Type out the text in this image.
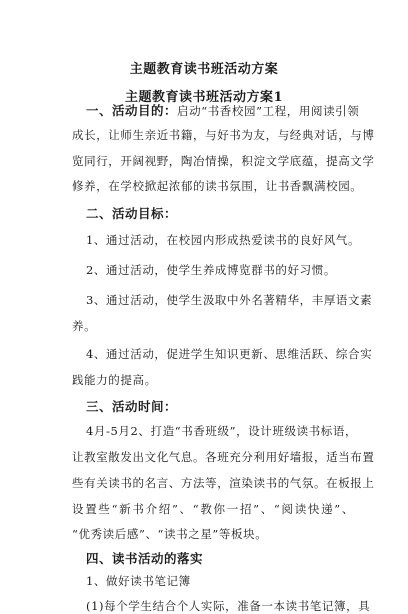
主题教育读书班活动方案
主题教育读书班活动方案1
一、活动目的：启动“书香校园”工程，用阅读引领
成长，让师生亲近书籍，与好书为友，与经典对话，与博
览同行，开阔视野，陶冶情操，积淀文学底蕴，提高文学
修养，在学校掀起浓郁的读书氛围，让书香飘满校园。
二、活动目标：
1、通过活动，在校园内形成热爱读书的良好风气。
2、通过活动，使学生养成博览群书的好习惯。
3、通过活动，使学生汲取中外名著精华，丰厚语文素
养。
4、通过活动，促进学生知识更新、思维活跃、综合实
践能力的提高。
三、活动时间：
4月-5月2、打造“书香班级”，设计班级读书标语，
让教室散发出文化气息。各班充分利用好墙报，适当布置
些有关读书的名言、方法等，渲染读书的气氛。在板报上
设置些“新书介绍”、“教你一招”、“阅读快递”、
“优秀读后感”、“读书之星”等板块。
四、读书活动的落实
1、做好读书笔记簿
(1)每个学生结合个人实际，准备一本读书笔记簿，具
